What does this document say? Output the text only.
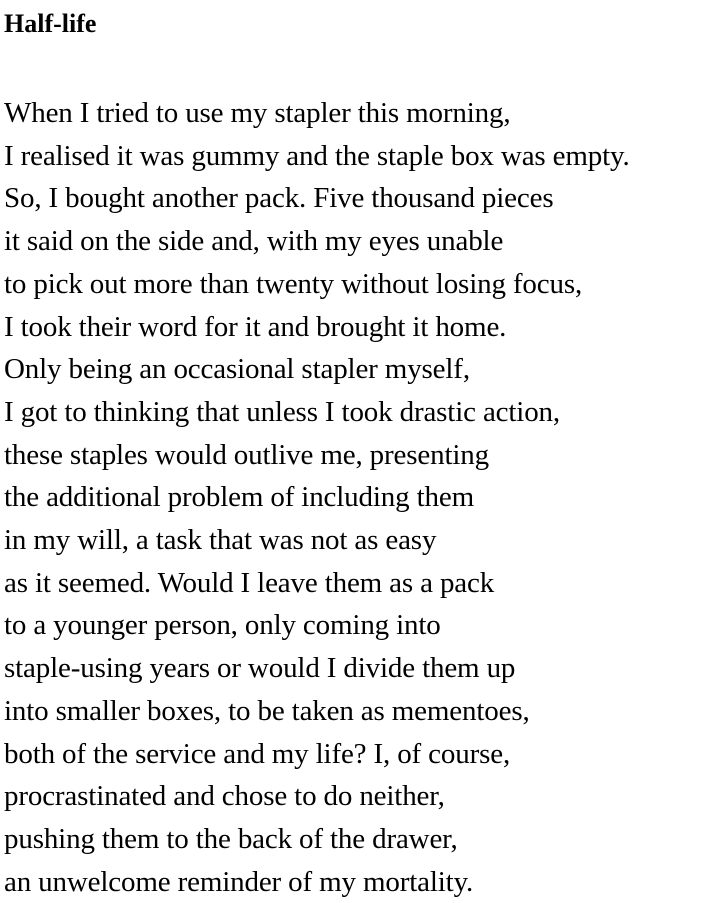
Half-life
When I tried to use my stapler this morning,
I realised it was gummy and the staple box was empty.
So, I bought another pack. Five thousand pieces
it said on the side and, with my eyes unable
to pick out more than twenty without losing focus,
I took their word for it and brought it home.
Only being an occasional stapler myself,
I got to thinking that unless I took drastic action,
these staples would outlive me, presenting
the additional problem of including them
in my will, a task that was not as easy
as it seemed. Would I leave them as a pack
to a younger person, only coming into
staple-using years or would I divide them up
into smaller boxes, to be taken as mementoes,
both of the service and my life? I, of course,
procrastinated and chose to do neither,
pushing them to the back of the drawer,
an unwelcome reminder of my mortality.
